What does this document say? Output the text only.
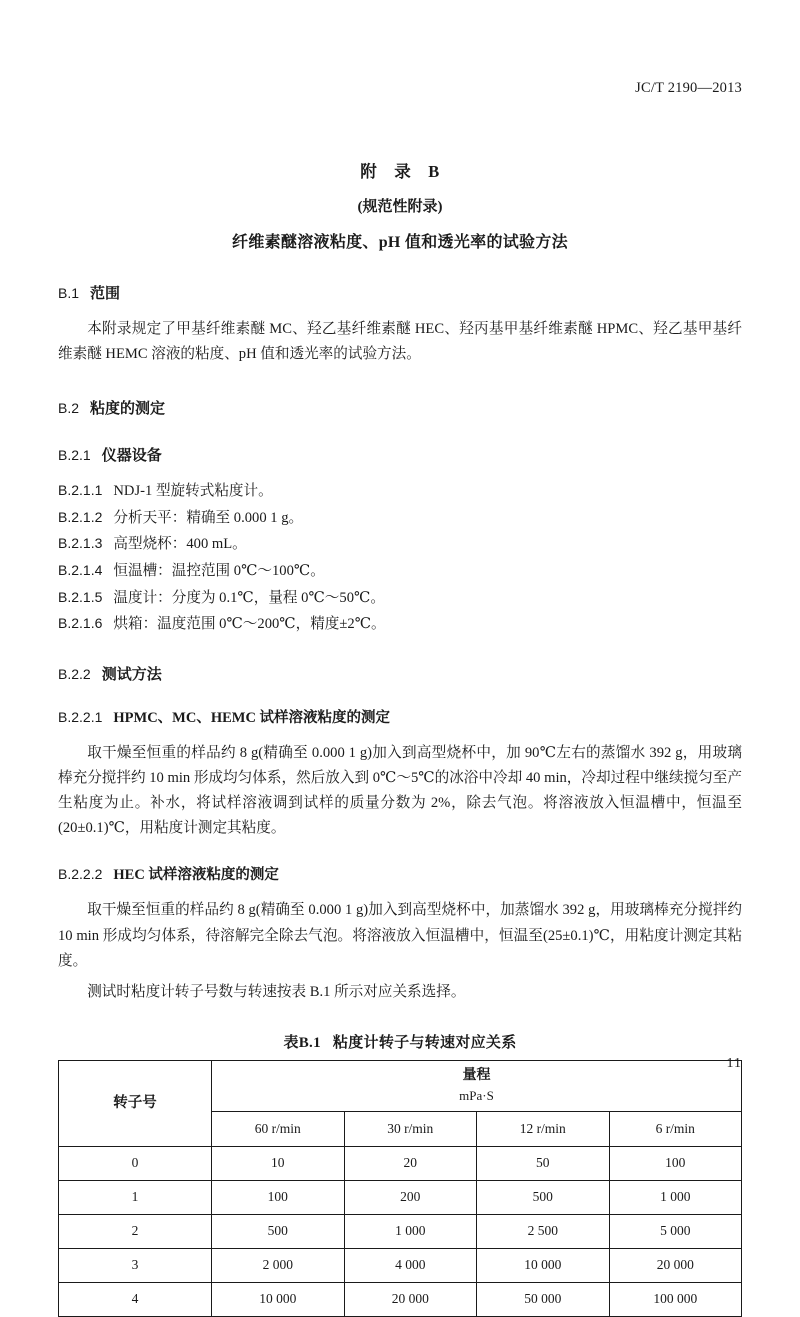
JC/T 2190—2013
附　录　B
(规范性附录)
纤维素醚溶液粘度、pH 值和透光率的试验方法
B.1 范围
本附录规定了甲基纤维素醚 MC、羟乙基纤维素醚 HEC、羟丙基甲基纤维素醚 HPMC、羟乙基甲基纤维素醚 HEMC 溶液的粘度、pH 值和透光率的试验方法。
B.2 粘度的测定
B.2.1 仪器设备
B.2.1.1 NDJ-1 型旋转式粘度计。
B.2.1.2 分析天平：精确至 0.000 1 g。
B.2.1.3 高型烧杯：400 mL。
B.2.1.4 恒温槽：温控范围 0℃～100℃。
B.2.1.5 温度计：分度为 0.1℃，量程 0℃～50℃。
B.2.1.6 烘箱：温度范围 0℃～200℃，精度±2℃。
B.2.2 测试方法
B.2.2.1 HPMC、MC、HEMC 试样溶液粘度的测定
取干燥至恒重的样品约 8 g(精确至 0.000 1 g)加入到高型烧杯中，加 90℃左右的蒸馏水 392 g，用玻璃棒充分搅拌约 10 min 形成均匀体系，然后放入到 0℃～5℃的冰浴中冷却 40 min，冷却过程中继续搅匀至产生粘度为止。补水，将试样溶液调到试样的质量分数为 2%，除去气泡。将溶液放入恒温槽中，恒温至(20±0.1)℃，用粘度计测定其粘度。
B.2.2.2 HEC 试样溶液粘度的测定
取干燥至恒重的样品约 8 g(精确至 0.000 1 g)加入到高型烧杯中，加蒸馏水 392 g，用玻璃棒充分搅拌约 10 min 形成均匀体系，待溶解完全除去气泡。将溶液放入恒温槽中，恒温至(25±0.1)℃，用粘度计测定其粘度。
测试时粘度计转子号数与转速按表 B.1 所示对应关系选择。
表B.1 粘度计转子与转速对应关系
转子号	量程
mPa·S			

	60 r/min	30 r/min	12 r/min	6 r/min
0	10	20	50	100
1	100	200	500	1 000
2	500	1 000	2 500	5 000
3	2 000	4 000	10 000	20 000
4	10 000	20 000	50 000	100 000
11
